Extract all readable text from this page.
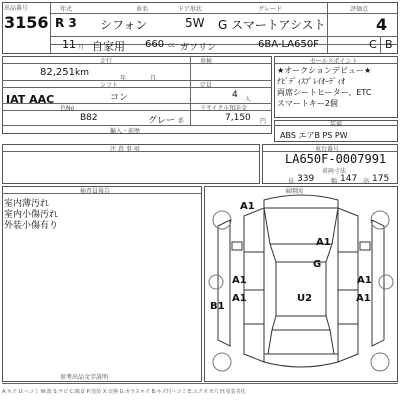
出品番号
3156
年式	車名	ドア形状	グレード	評価点
R 3 シフォン	5W G スマートアシスト	4
11 月 自家用 660 cc ガソリン	6BA-LA650F	C B
走行	車検
82,251 km
年	月
シフト	定員
IAT AAC	コン	4 人
色No	リサイクル預託金
B82	グレー 系	7,150 円
輸入・前歴
セールスポイント
★オークションデビュー★
ﾅﾋﾞﾃﾞｨｽﾌﾟﾚｲｵｰﾃﾞｨｵ
両席シートヒーター、ETC
スマートキー2個
装備
ABS エアB PS PW
注 意 事 項	車台番号
LA650F-0007991
車両寸法
長 339	幅 147 高 175
検査員報告
室内薄汚れ
室内小傷汚れ
外装小傷有り
展開図
A1
A1
G
A1	A1
A1	U2
B1
A1
参考出品文字説明
A:キズ U:ヘコミ W:波 S:サビ C:腐食 P:塗装 X:交換 G:ガラスキズ B:キズ付ヘコミ E:エクボ Y:穴 H:塗装劣化
